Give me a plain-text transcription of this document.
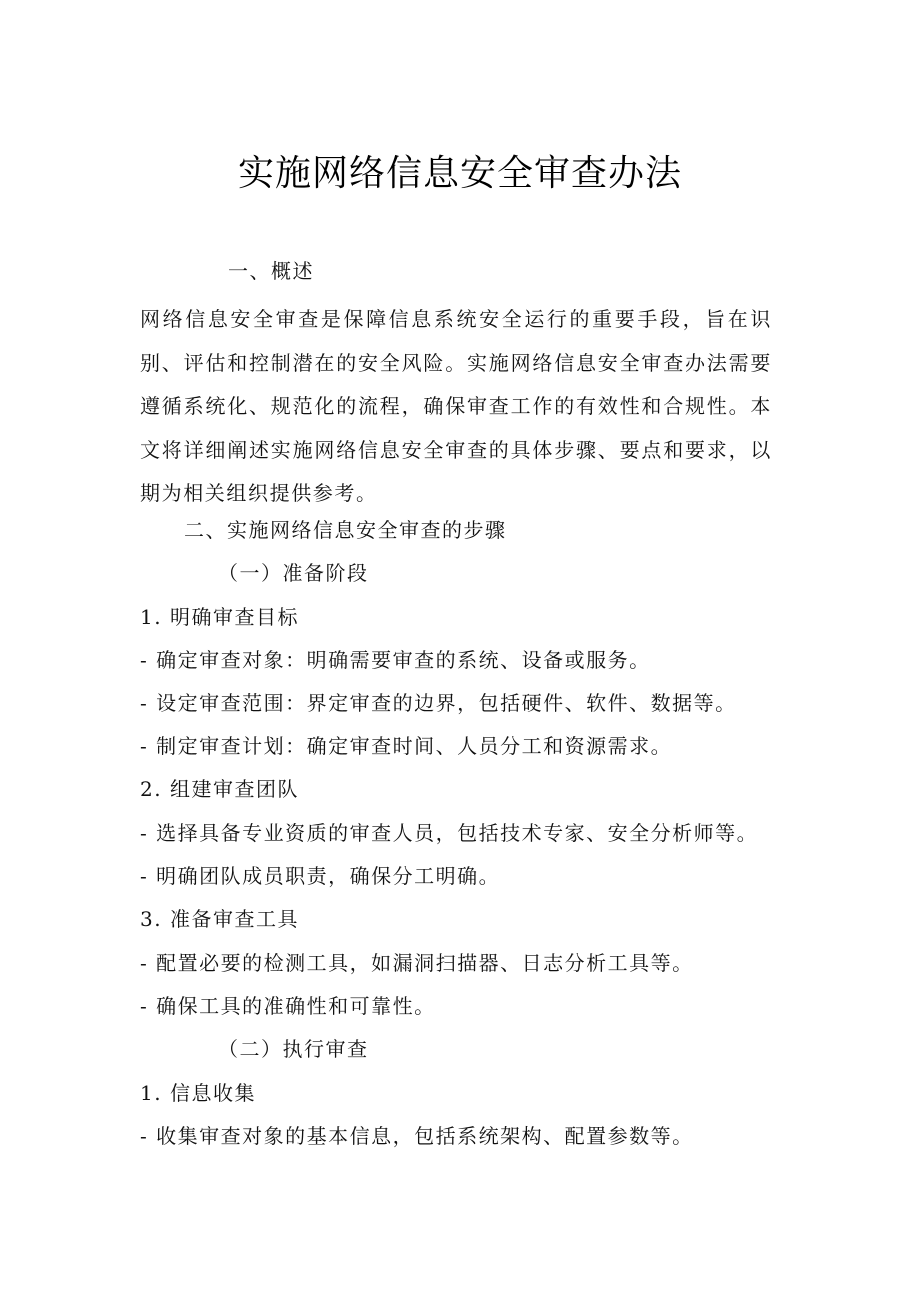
实施网络信息安全审查办法

一、概述

网络信息安全审查是保障信息系统安全运行的重要手段，旨在识别、评估和控制潜在的安全风险。实施网络信息安全审查办法需要遵循系统化、规范化的流程，确保审查工作的有效性和合规性。本文将详细阐述实施网络信息安全审查的具体步骤、要点和要求，以期为相关组织提供参考。

二、实施网络信息安全审查的步骤

（一）准备阶段

1. 明确审查目标

- 确定审查对象：明确需要审查的系统、设备或服务。

- 设定审查范围：界定审查的边界，包括硬件、软件、数据等。

- 制定审查计划：确定审查时间、人员分工和资源需求。

2. 组建审查团队

- 选择具备专业资质的审查人员，包括技术专家、安全分析师等。

- 明确团队成员职责，确保分工明确。

3. 准备审查工具

- 配置必要的检测工具，如漏洞扫描器、日志分析工具等。

- 确保工具的准确性和可靠性。

（二）执行审查

1. 信息收集

- 收集审查对象的基本信息，包括系统架构、配置参数等。
